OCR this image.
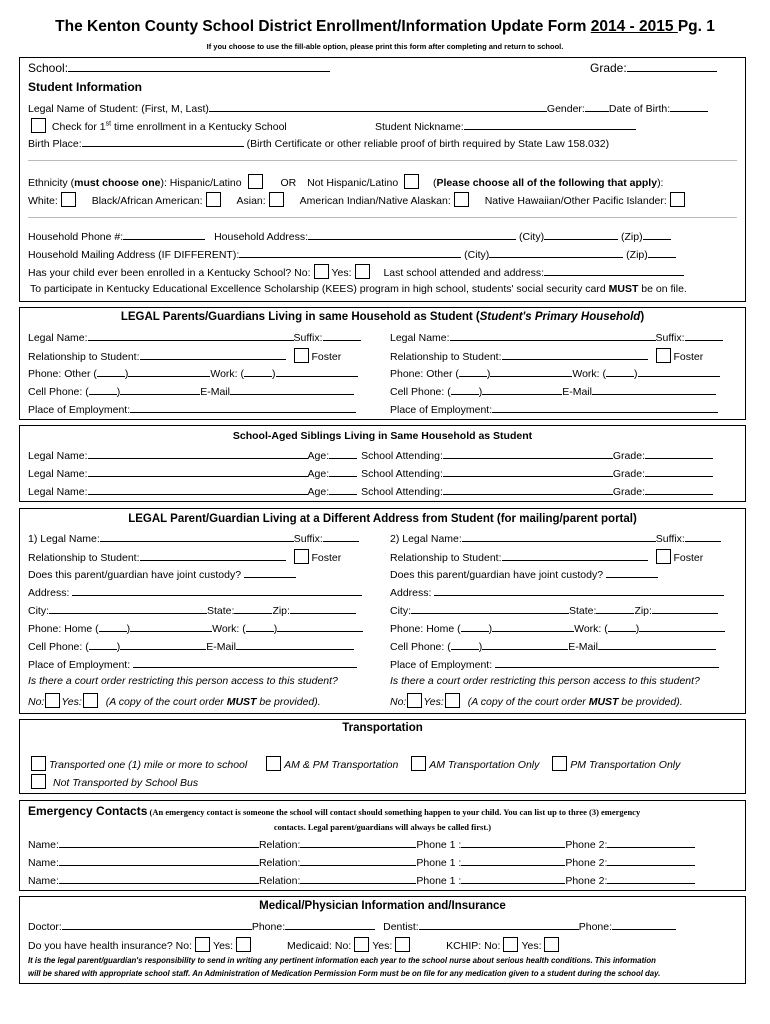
The Kenton County School District Enrollment/Information Update Form 2014 - 2015 Pg. 1
If you choose to use the fill-able option, please print this form after completing and return to school.
School:	Grade:
Student Information
Legal Name of Student: (First, M, Last)	Gender: Date of Birth:
Check for 1st time enrollment in a Kentucky School	Student Nickname:
Birth Place:	(Birth Certificate or other reliable proof of birth required by State Law 158.032)
Ethnicity (must choose one): Hispanic/Latino	OR Not Hispanic/Latino	(Please choose all of the following that apply):
White:	Black/African American:	Asian:	American Indian/Native Alaskan:	Native Hawaiian/Other Pacific Islander:
Household Phone #:	Household Address:	(City)	(Zip)
Household Mailing Address (IF DIFFERENT):	(City)	(Zip)
Has your child ever been enrolled in a Kentucky School? No: Yes:	Last school attended and address:
To participate in Kentucky Educational Excellence Scholarship (KEES) program in high school, students' social security card MUST be on file.
LEGAL Parents/Guardians Living in same Household as Student (Student's Primary Household)
Legal Name:	Suffix:
Relationship to Student:	Foster
Phone: Other (	)	Work: (	)
Cell Phone: (	)	E-Mail
Place of Employment:
Legal Name:	Suffix:
Relationship to Student:	Foster
Phone: Other (	)	Work: (	)
Cell Phone: (	)	E-Mail
Place of Employment:
School-Aged Siblings Living in Same Household as Student
Legal Name:	Age:	School Attending:	Grade:
Legal Name:	Age:	School Attending:	Grade:
Legal Name:	Age:	School Attending:	Grade:
LEGAL Parent/Guardian Living at a Different Address from Student (for mailing/parent portal)
1) Legal Name:	Suffix:
Relationship to Student:	Foster
Does this parent/guardian have joint custody?
Address:
City:	State:	Zip:
Phone: Home (	)	Work: (	)
Cell Phone: (	)	E-Mail
Place of Employment:
Is there a court order restricting this person access to this student?
No: Yes: (A copy of the court order MUST be provided).
2) Legal Name:	Suffix:
Relationship to Student:	Foster
Does this parent/guardian have joint custody?
Address:
City:	State:	Zip:
Phone: Home (	)	Work: (	)
Cell Phone: (	)	E-Mail
Place of Employment:
Is there a court order restricting this person access to this student?
No: Yes: (A copy of the court order MUST be provided).
Transportation
Transported one (1) mile or more to school	AM & PM Transportation	AM Transportation Only	PM Transportation Only
Not Transported by School Bus
Emergency Contacts (An emergency contact is someone the school will contact should something happen to your child. You can list up to three (3) emergency
contacts. Legal parent/guardians will always be called first.)
Name:	Relation:	Phone 1 :	Phone 2:
Name:	Relation:	Phone 1 :	Phone 2:
Name:	Relation:	Phone 1 :	Phone 2:
Medical/Physician Information and/Insurance
Doctor:	Phone:	Dentist:	Phone:
Do you have health insurance? No: Yes:	Medicaid: No: Yes:	KCHIP: No: Yes:
It is the legal parent/guardian's responsibility to send in writing any pertinent information each year to the school nurse about serious health conditions. This information
will be shared with appropriate school staff. An Administration of Medication Permission Form must be on file for any medication given to a student during the school day.
